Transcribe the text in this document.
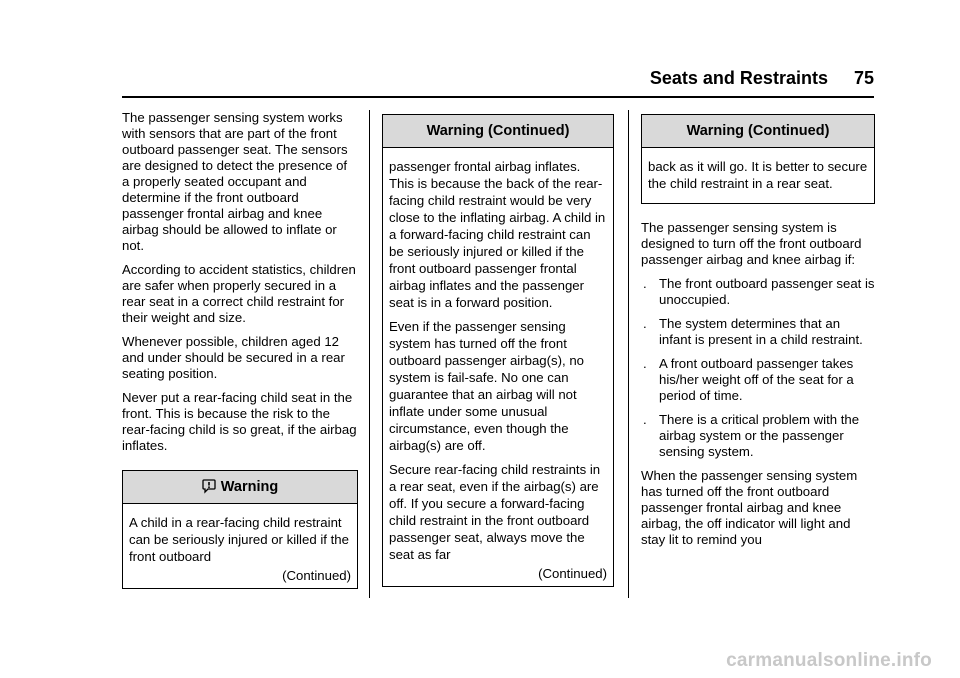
Seats and Restraints 75

The passenger sensing system works with sensors that are part of the front outboard passenger seat. The sensors are designed to detect the presence of a properly seated occupant and determine if the front outboard passenger frontal airbag and knee airbag should be allowed to inflate or not.

According to accident statistics, children are safer when properly secured in a rear seat in a correct child restraint for their weight and size.

Whenever possible, children aged 12 and under should be secured in a rear seating position.

Never put a rear-facing child seat in the front. This is because the risk to the rear-facing child is so great, if the airbag inflates.

Warning

A child in a rear-facing child restraint can be seriously injured or killed if the front outboard

(Continued)
Warning (Continued)

passenger frontal airbag inflates. This is because the back of the rear-facing child restraint would be very close to the inflating airbag. A child in a forward-facing child restraint can be seriously injured or killed if the front outboard passenger frontal airbag inflates and the passenger seat is in a forward position.

Even if the passenger sensing system has turned off the front outboard passenger airbag(s), no system is fail-safe. No one can guarantee that an airbag will not inflate under some unusual circumstance, even though the airbag(s) are off.

Secure rear-facing child restraints in a rear seat, even if the airbag(s) are off. If you secure a forward-facing child restraint in the front outboard passenger seat, always move the seat as far

(Continued)
Warning (Continued)

back as it will go. It is better to secure the child restraint in a rear seat.

The passenger sensing system is designed to turn off the front outboard passenger airbag and knee airbag if:

. The front outboard passenger seat is unoccupied.
. The system determines that an infant is present in a child restraint.
. A front outboard passenger takes his/her weight off of the seat for a period of time.
. There is a critical problem with the airbag system or the passenger sensing system.

When the passenger sensing system has turned off the front outboard passenger frontal airbag and knee airbag, the off indicator will light and stay lit to remind you

carmanualsonline.info
